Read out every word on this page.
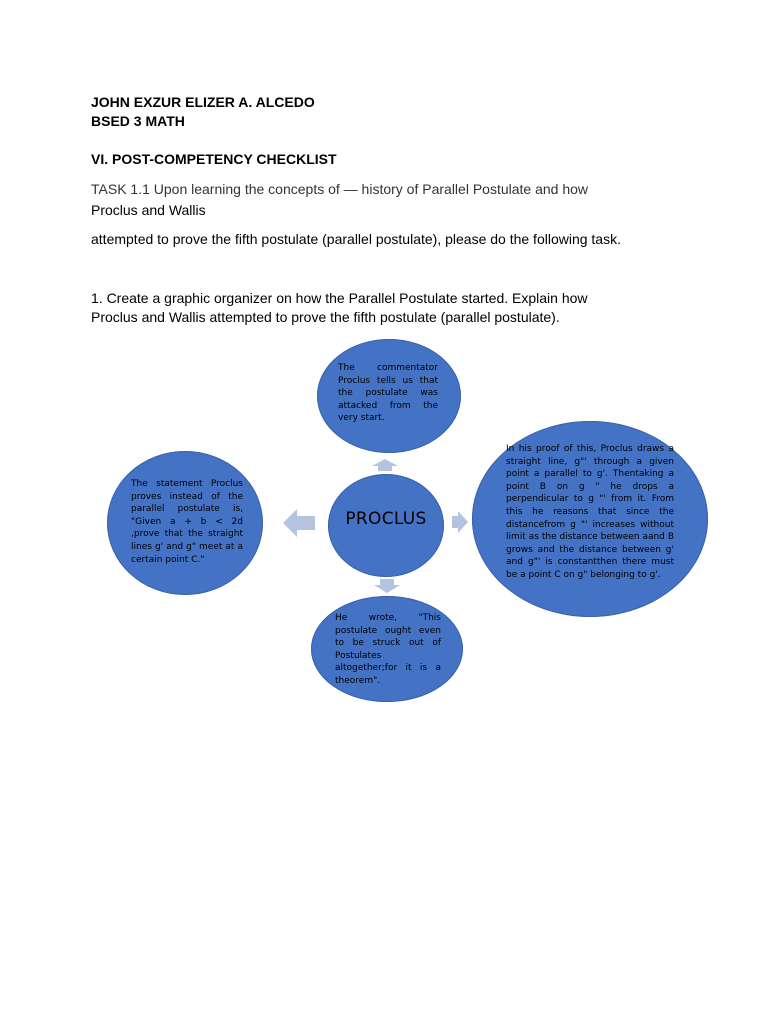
JOHN EXZUR ELIZER A. ALCEDO
BSED 3 MATH
VI. POST-COMPETENCY CHECKLIST
TASK 1.1 Upon learning the concepts of — history of Parallel Postulate and how
Proclus and Wallis
attempted to prove the fifth postulate (parallel postulate), please do the following task.
1. Create a graphic organizer on how the Parallel Postulate started. Explain how
Proclus and Wallis attempted to prove the fifth postulate (parallel postulate).
The commentator Proclus tells us that the postulate was attacked from the very start.
The statement Proclus proves instead of the parallel postulate is, "Given a + b < 2d ,prove that the straight lines g' and g" meet at a certain point C."
In his proof of this, Proclus draws a straight line, g"' through a given point a parallel to g'. Thentaking a point B on g " he drops a perpendicular to g "' from it. From this he reasons that since the distancefrom g "' increases without limit as the distance between aand B grows and the distance between g' and g"' is constantthen there must be a point C on g" belonging to g'.
He wrote, "This postulate ought even to be struck out of Postulates altogether;for it is a theorem".
PROCLUS
